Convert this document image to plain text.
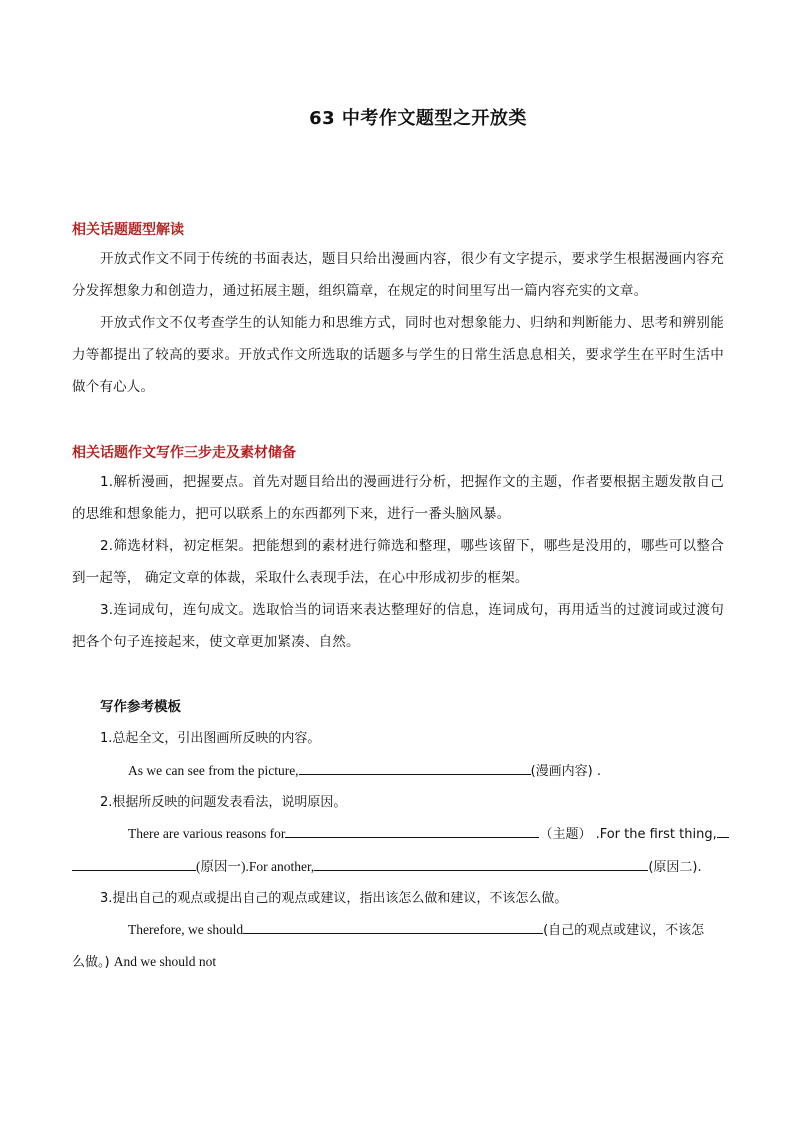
63 中考作文题型之开放类
相关话题题型解读
开放式作文不同于传统的书面表达，题目只给出漫画内容，很少有文字提示，要求学生根据漫画内容充分发挥想象力和创造力，通过拓展主题，组织篇章，在规定的时间里写出一篇内容充实的文章。
开放式作文不仅考查学生的认知能力和思维方式，同时也对想象能力、归纳和判断能力、思考和辨别能力等都提出了较高的要求。开放式作文所选取的话题多与学生的日常生活息息相关，要求学生在平时生活中做个有心人。
相关话题作文写作三步走及素材储备
1.解析漫画，把握要点。首先对题目给出的漫画进行分析，把握作文的主题，作者要根据主题发散自己的思维和想象能力，把可以联系上的东西都列下来，进行一番头脑风暴。
2.筛选材料，初定框架。把能想到的素材进行筛选和整理，哪些该留下，哪些是没用的，哪些可以整合到一起等， 确定文章的体裁，采取什么表现手法，在心中形成初步的框架。
3.连词成句，连句成文。选取恰当的词语来表达整理好的信息，连词成句，再用适当的过渡词或过渡句把各个句子连接起来，使文章更加紧凑、自然。
写作参考模板
1.总起全文，引出图画所反映的内容。
As we can see from the picture,	(漫画内容) .
2.根据所反映的问题发表看法，说明原因。
There are various reasons for	（主题） .For the first thing,
(原因一).For another,	(原因二).
3.提出自己的观点或提出自己的观点或建议，指出该怎么做和建议，不该怎么做。
Therefore, we should	(自己的观点或建议，不该怎
么做。) And we should not
